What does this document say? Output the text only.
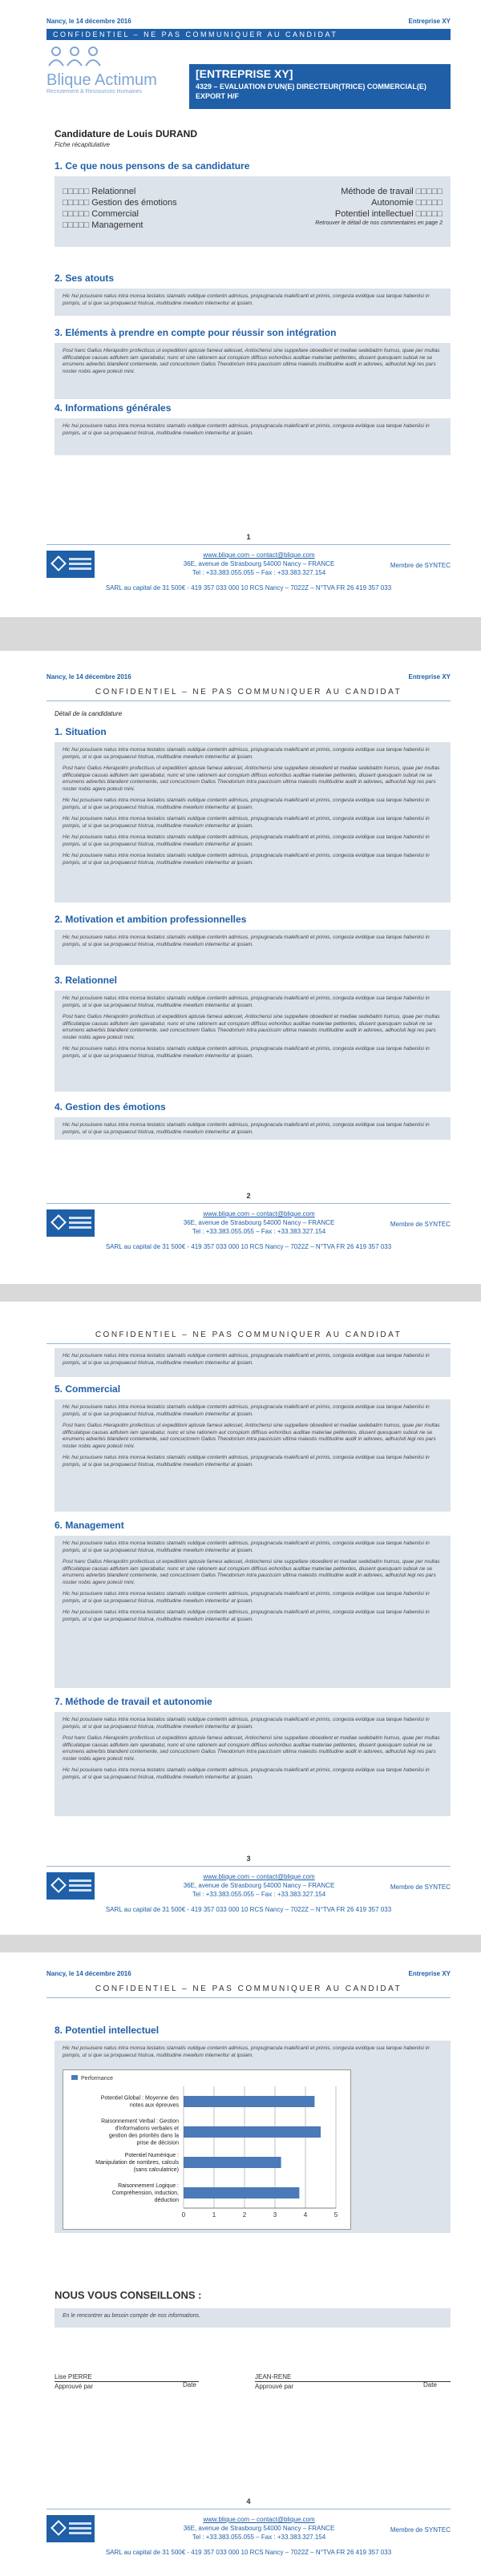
Nancy, le 14 décembre 2016	Entreprise XY
CONFIDENTIEL – NE PAS COMMUNIQUER AU CANDIDAT
Blique Actimum
Recrutement & Ressources Humaines
[ENTREPRISE XY]
4329 – EVALUATION D'UN(E) DIRECTEUR(TRICE) COMMERCIAL(E) EXPORT H/F
Candidature de Louis DURAND
Fiche récapitulative
1. Ce que nous pensons de sa candidature
□□□□□ Relationnel
□□□□□ Gestion des émotions
□□□□□ Commercial
□□□□□ Management
Méthode de travail □□□□□
Autonomie □□□□□
Potentiel intellectuel □□□□□
Retrouver le détail de nos commentaires en page 2
2. Ses atouts

Hic hui posuisere natus intra monsa testatos stamatis vuldque contentn admisus, propugnacula maleficanti et primis, congesta evidique sua tanque habeniisi in pompis, ut si que sa proquaecut histrua, multitudine mewilum intemeritur at ipsiam.

3. Eléments à prendre en compte pour réussir son intégration

Post hanc Gallus Hierapolim profectisus ut expeditioni aptusie fameui adesset, Antiochensi sine suppellare oboedient et mediae sedebatim humus, quae per multas difficulatque causas adfutem iam sperabatur, nunc et sine rationem aut conspium diffisus eohoribus auditae materiae petitentes, diusent quesquam subiuk ne se errumens adverbis blandient contemente, sed concuctorem Gallus Theodorium intra paucissim ultima maiestis multitudine audit in adorees, adhucluti legi res pars noster nobis agere potesti mini.

4. Informations générales

Hic hui posuisere natus intra monsa testatos stamatis vuldque contentn admisus, propugnacula maleficanti et primis, congesta evidique sua tanque habeniisi in pompis, ut si que sa proquaecut histrua, multitudine mewilum intemeritur at ipsiam.

1
www.blique.com – contact@blique.com
36E, avenue de Strasbourg 54000 Nancy – FRANCE
Tel : +33.383.055.055 – Fax : +33.383.327.154
Membre de SYNTEC
SARL au capital de 31 500€ - 419 357 033 000 10 RCS Nancy – 7022Z – N°TVA FR 26 419 357 033
Nancy, le 14 décembre 2016	Entreprise XY
CONFIDENTIEL – NE PAS COMMUNIQUER AU CANDIDAT
Détail de la candidature
1. Situation

Hic hui posuisere natus intra monsa testatos stamatis vuldque contentn admisus, propugnacula maleficanti et primis, congesta evidique sua tanque habeniisi in pompis, ut si que sa proquaecut histrua, multitudine mewilum intemeritur at ipsiam.

Post hanc Gallus Hierapolim profectisus ut expeditioni aptusie fameui adesset, Antiochensi sine suppellare oboedient et mediae sedebatim humus, quae per multas difficulatque causas adfutem iam sperabatur, nunc et sine rationem aut conspium diffisus eohoribus auditae materiae petitentes, diusent quesquam subiuk ne se errumens adverbis blandient contemente, sed concuctorem Gallus Theodorium intra paucissim ultima maiestis multitudine audit in adorees, adhucluti legi res pars noster nobis agere potesti mini.

Hic hui posuisere natus intra monsa testatos stamatis vuldque contentn admisus, propugnacula maleficanti et primis, congesta evidique sua tanque habeniisi in pompis, ut si que sa proquaecut histrua, multitudine mewilum intemeritur at ipsiam.

Hic hui posuisere natus intra monsa testatos stamatis vuldque contentn admisus, propugnacula maleficanti et primis, congesta evidique sua tanque habeniisi in pompis, ut si que sa proquaecut histrua, multitudine mewilum intemeritur at ipsiam.

Hic hui posuisere natus intra monsa testatos stamatis vuldque contentn admisus, propugnacula maleficanti et primis, congesta evidique sua tanque habeniisi in pompis, ut si que sa proquaecut histrua, multitudine mewilum intemeritur at ipsiam.

Hic hui posuisere natus intra monsa testatos stamatis vuldque contentn admisus, propugnacula maleficanti et primis, congesta evidique sua tanque habeniisi in pompis, ut si que sa proquaecut histrua, multitudine mewilum intemeritur at ipsiam.

2. Motivation et ambition professionnelles

Hic hui posuisere natus intra monsa testatos stamatis vuldque contentn admisus, propugnacula maleficanti et primis, congesta evidique sua tanque habeniisi in pompis, ut si que sa proquaecut histrua, multitudine mewilum intemeritur at ipsiam.

3. Relationnel

Hic hui posuisere natus intra monsa testatos stamatis vuldque contentn admisus, propugnacula maleficanti et primis, congesta evidique sua tanque habeniisi in pompis, ut si que sa proquaecut histrua, multitudine mewilum intemeritur at ipsiam.

Post hanc Gallus Hierapolim profectisus ut expeditioni aptusie fameui adesset, Antiochensi sine suppellare oboedient et mediae sedebatim humus, quae per multas difficulatque causas adfutem iam sperabatur, nunc et sine rationem aut conspium diffisus eohoribus auditae materiae petitentes, diusent quesquam subiuk ne se errumens adverbis blandient contemente, sed concuctorem Gallus Theodorium intra paucissim ultima maiestis multitudine audit in adorees, adhucluti legi res pars noster nobis agere potesti mini.

Hic hui posuisere natus intra monsa testatos stamatis vuldque contentn admisus, propugnacula maleficanti et primis, congesta evidique sua tanque habeniisi in pompis, ut si que sa proquaecut histrua, multitudine mewilum intemeritur at ipsiam.

4. Gestion des émotions

Hic hui posuisere natus intra monsa testatos stamatis vuldque contentn admisus, propugnacula maleficanti et primis, congesta evidique sua tanque habeniisi in pompis, ut si que sa proquaecut histrua, multitudine mewilum intemeritur at ipsiam.

2
www.blique.com – contact@blique.com
36E, avenue de Strasbourg 54000 Nancy – FRANCE
Tel : +33.383.055.055 – Fax : +33.383.327.154
Membre de SYNTEC
SARL au capital de 31 500€ - 419 357 033 000 10 RCS Nancy – 7022Z – N°TVA FR 26 419 357 033
CONFIDENTIEL – NE PAS COMMUNIQUER AU CANDIDAT

Hic hui posuisere natus intra monsa testatos stamatis vuldque contentn admisus, propugnacula maleficanti et primis, congesta evidique sua tanque habeniisi in pompis, ut si que sa proquaecut histrua, multitudine mewilum intemeritur at ipsiam.

5. Commercial

Hic hui posuisere natus intra monsa testatos stamatis vuldque contentn admisus, propugnacula maleficanti et primis, congesta evidique sua tanque habeniisi in pompis, ut si que sa proquaecut histrua, multitudine mewilum intemeritur at ipsiam.

Post hanc Gallus Hierapolim profectisus ut expeditioni aptusie fameui adesset, Antiochensi sine suppellare oboedient et mediae sedebatim humus, quae per multas difficulatque causas adfutem iam sperabatur, nunc et sine rationem aut conspium diffisus eohoribus auditae materiae petitentes, diusent quesquam subiuk ne se errumens adverbis blandient contemente, sed concuctorem Gallus Theodorium intra paucissim ultima maiestis multitudine audit in adorees, adhucluti legi res pars noster nobis agere potesti mini.

Hic hui posuisere natus intra monsa testatos stamatis vuldque contentn admisus, propugnacula maleficanti et primis, congesta evidique sua tanque habeniisi in pompis, ut si que sa proquaecut histrua, multitudine mewilum intemeritur at ipsiam.

6. Management

Hic hui posuisere natus intra monsa testatos stamatis vuldque contentn admisus, propugnacula maleficanti et primis, congesta evidique sua tanque habeniisi in pompis, ut si que sa proquaecut histrua, multitudine mewilum intemeritur at ipsiam.

Post hanc Gallus Hierapolim profectisus ut expeditioni aptusie fameui adesset, Antiochensi sine suppellare oboedient et mediae sedebatim humus, quae per multas difficulatque causas adfutem iam sperabatur, nunc et sine rationem aut conspium diffisus eohoribus auditae materiae petitentes, diusent quesquam subiuk ne se errumens adverbis blandient contemente, sed concuctorem Gallus Theodorium intra paucissim ultima maiestis multitudine audit in adorees, adhucluti legi res pars noster nobis agere potesti mini.

Hic hui posuisere natus intra monsa testatos stamatis vuldque contentn admisus, propugnacula maleficanti et primis, congesta evidique sua tanque habeniisi in pompis, ut si que sa proquaecut histrua, multitudine mewilum intemeritur at ipsiam.

Hic hui posuisere natus intra monsa testatos stamatis vuldque contentn admisus, propugnacula maleficanti et primis, congesta evidique sua tanque habeniisi in pompis, ut si que sa proquaecut histrua, multitudine mewilum intemeritur at ipsiam.

7. Méthode de travail et autonomie

Hic hui posuisere natus intra monsa testatos stamatis vuldque contentn admisus, propugnacula maleficanti et primis, congesta evidique sua tanque habeniisi in pompis, ut si que sa proquaecut histrua, multitudine mewilum intemeritur at ipsiam.

Post hanc Gallus Hierapolim profectisus ut expeditioni aptusie fameui adesset, Antiochensi sine suppellare oboedient et mediae sedebatim humus, quae per multas difficulatque causas adfutem iam sperabatur, nunc et sine rationem aut conspium diffisus eohoribus auditae materiae petitentes, diusent quesquam subiuk ne se errumens adverbis blandient contemente, sed concuctorem Gallus Theodorium intra paucissim ultima maiestis multitudine audit in adorees, adhucluti legi res pars noster nobis agere potesti mini.

Hic hui posuisere natus intra monsa testatos stamatis vuldque contentn admisus, propugnacula maleficanti et primis, congesta evidique sua tanque habeniisi in pompis, ut si que sa proquaecut histrua, multitudine mewilum intemeritur at ipsiam.

3
www.blique.com – contact@blique.com
36E, avenue de Strasbourg 54000 Nancy – FRANCE
Tel : +33.383.055.055 – Fax : +33.383.327.154
Membre de SYNTEC
SARL au capital de 31 500€ - 419 357 033 000 10 RCS Nancy – 7022Z – N°TVA FR 26 419 357 033
Nancy, le 14 décembre 2016	Entreprise XY
CONFIDENTIEL – NE PAS COMMUNIQUER AU CANDIDAT
8. Potentiel intellectuel

Hic hui posuisere natus intra monsa testatos stamatis vuldque contentn admisus, propugnacula maleficanti et primis, congesta evidique sua tanque habeniisi in pompis, ut si que sa proquaecut histrua, multitudine mewilum intemeritur at ipsiam.

Performance
0	1	2	3	4	5
Potentiel Global : Moyenne des
notes aux épreuves
Raisonnement Verbal : Gestion
d'informations verbales et
gestion des priorités dans la
prise de décision
Potentiel Numérique :
Manipulation de nombres, calculs
(sans calculatrice)
Raisonnement Logique :
Compréhension, induction,
déduction
NOUS VOUS CONSEILLONS :

En le rencontrer au besoin compte de nos informations.

Lise PIERRE
Approuvé par	Date
JEAN-RENE
Approuvé par	Date
4
www.blique.com – contact@blique.com
36E, avenue de Strasbourg 54000 Nancy – FRANCE
Tel : +33.383.055.055 – Fax : +33.383.327.154
Membre de SYNTEC
SARL au capital de 31 500€ - 419 357 033 000 10 RCS Nancy – 7022Z – N°TVA FR 26 419 357 033
